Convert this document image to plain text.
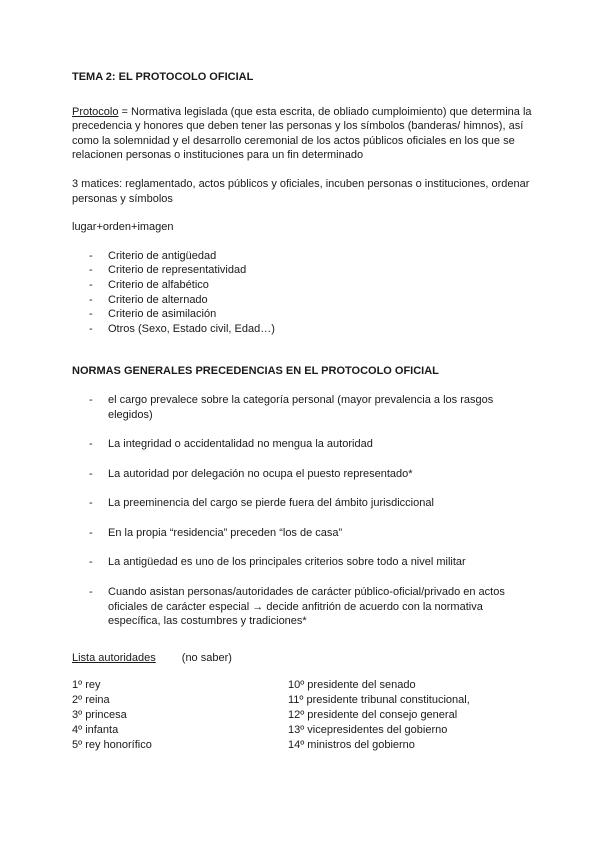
TEMA 2: EL PROTOCOLO OFICIAL

Protocolo = Normativa legislada (que esta escrita, de obliado cumploimiento) que determina la precedencia y honores que deben tener las personas y los símbolos (banderas/ himnos), así como la solemnidad y el desarrollo ceremonial de los actos públicos oficiales en los que se relacionen personas o instituciones para un fin determinado

3 matices: reglamentado, actos públicos y oficiales, incuben personas o instituciones, ordenar personas y símbolos

lugar+orden+imagen

- Criterio de antigüedad
- Criterio de representatividad
- Criterio de alfabético
- Criterio de alternado
- Criterio de asimilación
- Otros (Sexo, Estado civil, Edad…)

NORMAS GENERALES PRECEDENCIAS EN EL PROTOCOLO OFICIAL

- el cargo prevalece sobre la categoría personal (mayor prevalencia a los rasgos elegidos)
- La integridad o accidentalidad no mengua la autoridad
- La autoridad por delegación no ocupa el puesto representado*
- La preeminencia del cargo se pierde fuera del ámbito jurisdiccional
- En la propia “residencia” preceden “los de casa”
- La antigüedad es uno de los principales criterios sobre todo a nivel militar
- Cuando asistan personas/autoridades de carácter público-oficial/privado en actos oficiales de carácter especial → decide anfitrión de acuerdo con la normativa específica, las costumbres y tradiciones*

Lista autoridades (no saber)

1º rey
2º reina
3º princesa
4º infanta
5º rey honorífico
10º presidente del senado
11º presidente tribunal constitucional,
12º presidente del consejo general
13º vicepresidentes del gobierno
14º ministros del gobierno
